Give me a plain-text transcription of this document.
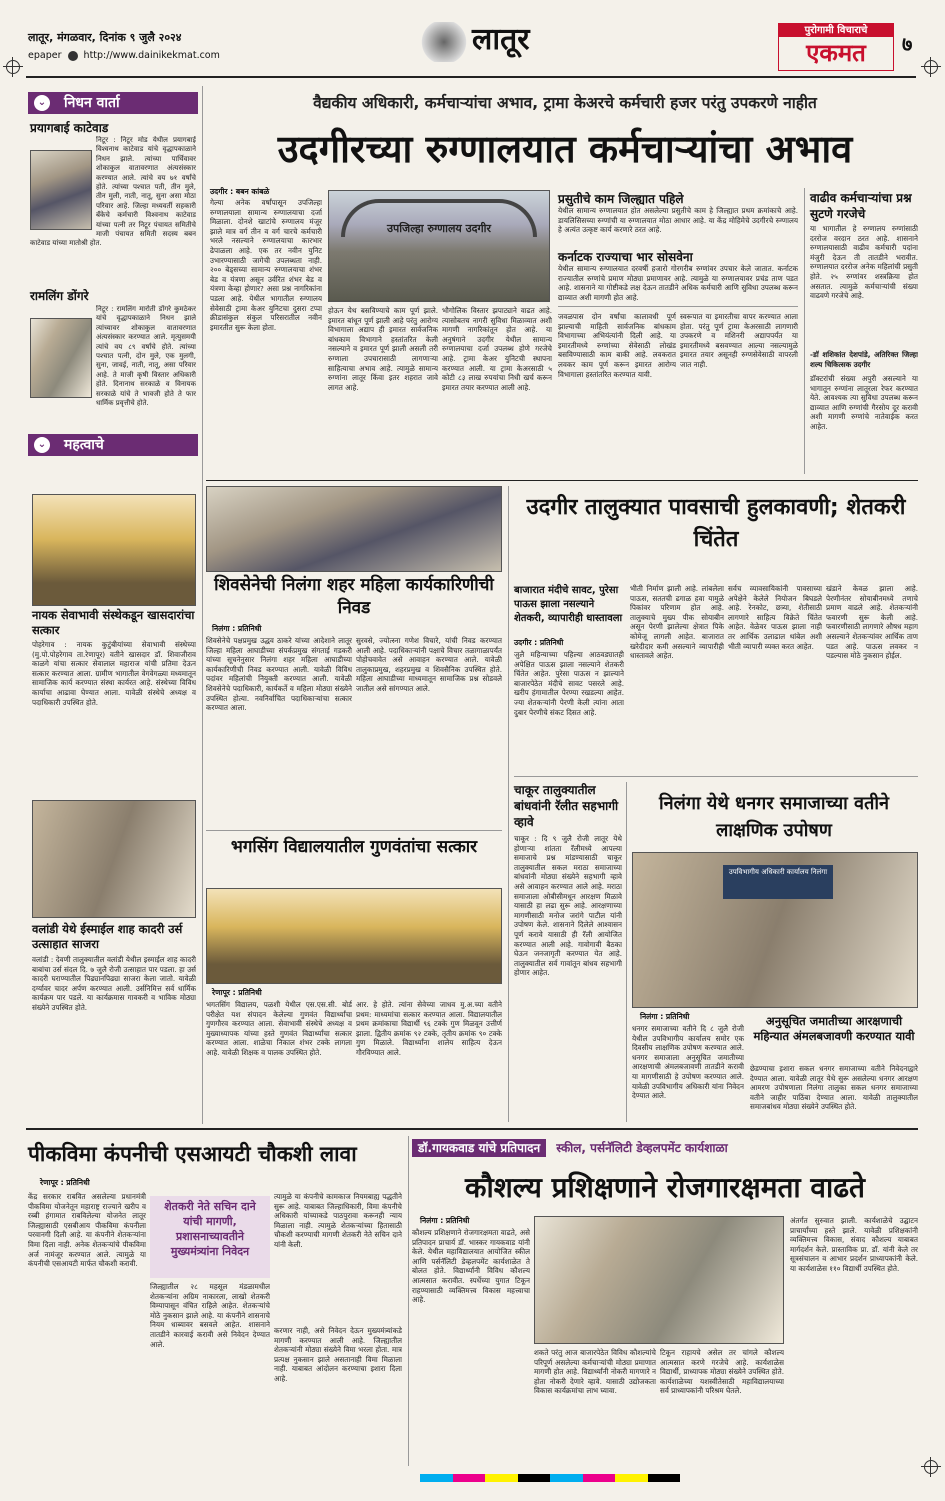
लातूर, मंगळवार, दिनांक ९ जुलै २०२४
epaper http://www.dainikekmat.com	लातूर	पुरोगामी विचाराचे
एकमत	७
⌄ निधन वार्ता
प्रयागबाई काटेवाड
निटूर : निटूर मोड येथील प्रयागबाई विश्वनाथ काटेवाड यांचे वृद्धापकाळाने निधन झाले. त्यांच्या पार्थिवावर शोकाकुल वातावरणात अंत्यसंस्कार करण्यात आले. त्यांचे वय ७१ वर्षांचे होते. त्यांच्या पश्चात पती, तीन मुले, तीन मुली, नाती, नातू, सुना असा मोठा परिवार आहे. जिल्हा मध्यवर्ती सहकारी बँकेचे कर्मचारी विश्वनाथ काटेवाड यांच्या पत्नी तर निटूर पंचायत समितीचे माजी पंचायत समिती सदस्य बबन काटेवाड यांच्या मातोश्री होत.
रामलिंग डोंगरे
निटूर : रामलिंग मारोती डोंगरे कुमठेकर यांचे वृद्धापकाळाने निधन झाले त्यांच्यावर शोकाकुल वातावरणात अंत्यसंस्कार करण्यात आले. मृत्युसमयी त्यांचे वय ८९ वर्षांचे होते. त्यांच्या पश्चात पत्नी, दोन मुले, एक मुलगी, सुना, जावई, नाती, नातू, असा परिवार आहे. ते माजी कृषी विस्तार अधिकारी होते. दिनानाथ सरकाळे व विनायक सरकाळे यांचे ते भावजी होते ते फार धार्मिक प्रवृत्तीचे होते.
⌄ महत्वाचे
नायक सेवाभावी संस्थेकडून खासदारांचा सत्कार
पोहरेगाव : नायक कुटुंबीयांच्या सेवाभावी संस्थेच्या (मु.पो.पोहरेगाव ता.रेणापूर) वतीने खासदार डॉ. शिवाजीराव काळगे यांचा सत्कार सेवालाल महाराज यांची प्रतिमा देऊन सत्कार करण्यात आला. ग्रामीण भागातील वेगवेगळ्या मध्यमातून सामाजिक कार्य करण्यात संस्था कार्यरत आहे. संस्थेच्या विविध कार्याचा आढावा घेण्यात आला. यावेळी संस्थेचे अध्यक्ष व पदाधिकारी उपस्थित होते.
वलांडी येथे ईस्माईल शाह कादरी उर्स उत्साहात साजरा
वलांडी : देवणी तालुक्यातील वलांडी येथील इस्माईल शाह कादरी बाबांचा उर्स संदल दि. ७ जुलै रोजी उत्साहात पार पडला. हा उर्स कादरी घराण्यातील पिढ्यानपिढ्या साजरा केला जातो. यावेळी दर्ग्यावर चादर अर्पण करण्यात आली. उर्सनिमित्त सर्व धार्मिक कार्यक्रम पार पडले. या कार्यक्रमास गावकरी व भाविक मोठ्या संख्येने उपस्थित होते.
वैद्यकीय अधिकारी, कर्मचाऱ्यांचा अभाव, ट्रामा केअरचे कर्मचारी हजर परंतु उपकरणे नाहीत
उदगीरच्या रुग्णालयात कर्मचाऱ्यांचा अभाव
उदगीर : बबन कांबळे
गेल्या अनेक वर्षांपासून उपजिल्हा रुग्णालयाला सामान्य रुग्णालयाचा दर्जा मिळाला. दोनशे खाटांचे रुग्णालय मंजूर झाले मात्र वर्ग तीन व वर्ग चारचे कर्मचारी भरले नसल्याने रुग्णालयाचा कारभार ढेपाळला आहे. एक तर नवीन युनिट उभारण्यासाठी जागेची उपलब्धता नाही. २०० बेड्सच्या सामान्य रुग्णालयाचा शंभर बेड व यंत्रणा असून उर्वरित शंभर बेड व यंत्रणा केव्हा होणार? असा प्रश्न नागरिकांना पडला आहे. येथील भागातील रुग्णालय सेवेसाठी ट्रामा केअर युनिटचा दुसरा टप्पा क्रीडासंकुल संकुल परिसरातील नवीन इमारतीत सुरू केला होता.
उपजिल्हा रुग्णालय उदगीर
होऊन येथ बसविण्याचे काम पूर्ण झाले. इमारत बांधून पूर्ण झाली आहे परंतु आरोग्य विभागाला अद्याप ही इमारत सार्वजनिक बांधकाम विभागाने हस्तांतरित केली नसल्याने व इमारत पूर्ण झाली असली तरी रुग्णाला उपचारासाठी लागणाऱ्या साहित्याचा अभाव आहे. त्यामुळे सामान्य रुग्णांना लातूर किंवा इतर शहरात जावे लागत आहे.
भौगोलिक विस्तार झपाट्याने वाढत आहे. त्यासोबतच नागरी सुविधा मिळाव्यात अशी मागणी नागरिकांतून होत आहे. या अनुषंगाने उदगीर येथील सामान्य रुग्णालयाचा दर्जा उपलब्ध होणे गरजेचे आहे. ट्रामा केअर युनिटची स्थापना करण्यात आली. या ट्रामा केअरसाठी ५ कोटी ८३ लाख रुपयांचा निधी खर्च करून इमारत तयार करण्यात आली आहे.
प्रसुतीचे काम जिल्ह्यात पहिले
येथील सामान्य रुग्णालयात होत असलेल्या प्रसुतीचे काम हे जिल्ह्यात प्रथम क्रमांकाचे आहे. डायलिसिसच्या रुग्णांची या रुग्णालयात मोठा आधार आहे. या केंद्र मोहिमेचे उदगीरचे रुग्णालय हे अत्यंत उत्कृष्ट कार्य करणारे ठरत आहे.
कर्नाटक राज्याचा भार सोसवेना
येथील सामान्य रुग्णालयात दरवर्षी हजारो गोरगरीब रुग्णांवर उपचार केले जातात. कर्नाटक राज्यातील रुग्णांचे प्रमाण मोठ्या प्रमाणावर आहे. त्यामुळे या रुग्णालयावर प्रचंड ताण पडत आहे. शासनाने या गोष्टीकडे लक्ष देऊन तातडीने अधिक कर्मचारी आणि सुविधा उपलब्ध करून द्याव्यात अशी मागणी होत आहे.
जवळपास दोन वर्षांचा कालावधी पूर्ण झाल्याची माहिती सार्वजनिक बांधकाम विभागाच्या अभियंत्यांनी दिली आहे. या इमारतीमध्ये रुग्णांच्या सेवेसाठी लोखंड बसविण्यासाठी काम बाकी आहे. लवकरात लवकर काम पूर्ण करून इमारत आरोग्य विभागाला हस्तांतरित करण्यात यावी.
स्वरूपात या इमारतीचा वापर करण्यात आला होता. परंतु पूर्ण ट्रामा केअरसाठी लागणारी उपकरणे व मशिनरी अद्यापपर्यंत या इमारतीमध्ये बसवण्यात आल्या नसल्यामुळे इमारत तयार असूनही रुग्णसेवेसाठी वापरली जात नाही.
वाढीव कर्मचाऱ्यांचा प्रश्न सुटणे गरजेचे
या भागातील हे रुग्णालय रुग्णांसाठी दररोज वरदान ठरत आहे. शासनाने रुग्णालयासाठी वाढीव कर्मचारी पदांना मंजुरी देऊन ती तातडीने भरावीत. रुग्णालयात दररोज अनेक महिलांची प्रसुती होते. २५ रुग्णांवर शस्त्रक्रिया होत असतात. त्यामुळे कर्मचाऱ्यांची संख्या वाढवणे गरजेचे आहे.
-डॉ शशिकांत देशपांडे, अतिरिक्त जिल्हा शल्य चिकित्सक उदगीर
डॉक्टरांची संख्या अपुरी असल्याने या भागातून रुग्णांना लातूरला रेफर करण्यात येते. आवश्यक त्या सुविधा उपलब्ध करून द्याव्यात आणि रुग्णांची गैरसोय दूर करावी अशी मागणी रुग्णांचे नातेवाईक करत आहेत.
शिवसेनेची निलंगा शहर महिला कार्यकारिणीची निवड
निलंगा : प्रतिनिधी
शिवसेनेचे पक्षप्रमुख उद्धव ठाकरे यांच्या आदेशाने लातूर जिल्हा महिला आघाडीच्या संपर्कप्रमुख संगताई गडकरी यांच्या सूचनेनुसार निलंगा शहर महिला आघाडीच्या कार्यकारिणीची निवड करण्यात आली. यावेळी विविध पदांवर महिलांची नियुक्ती करण्यात आली. यावेळी शिवसेनेचे पदाधिकारी, कार्यकर्ते व महिला मोठ्या संख्येने उपस्थित होत्या. नवनिर्वाचित पदाधिकाऱ्यांचा सत्कार करण्यात आला.
सुरवसे, ज्योत्स्ना गणेश विचारे, यांची निवड करण्यात आली आहे. पदाधिकाऱ्यांनी पक्षाचे विचार तळागाळापर्यंत पोहोचवावेत असे आवाहन करण्यात आले. यावेळी तालुकाप्रमुख, शहरप्रमुख व शिवसैनिक उपस्थित होते. महिला आघाडीच्या माध्यमातून सामाजिक प्रश्न सोडवले जातील असे सांगण्यात आले.
उदगीर तालुक्यात पावसाची हुलकावणी; शेतकरी चिंतेत
बाजारात मंदीचे सावट, पुरेसा पाऊस झाला नसल्याने शेतकरी, व्यापारीही धास्तावला
उदगीर : प्रतिनिधी
जुलै महिन्याच्या पहिल्या आठवड्यातही अपेक्षित पाऊस झाला नसल्याने शेतकरी चिंतेत आहेत. पुरेसा पाऊस न झाल्याने बाजारपेठेत मंदीचे सावट पसरले आहे. खरीप हंगामातील पेरण्या रखडल्या आहेत. ज्या शेतकऱ्यांनी पेरणी केली त्यांना आता दुबार पेरणीचे संकट दिसत आहे.
भीती निर्माण झाली आहे. लांबलेला पाऊस, सततची ढगाळ हवा यामुळे पिकांवर परिणाम होत आहे. तालुक्याचे मुख्य पीक सोयाबीन असून पेरणी झालेल्या क्षेत्रात पिके कोमेजू लागली आहेत. बाजारात खरेदीदार कमी असल्याने व्यापारीही धास्तावले आहेत.
सर्वच व्यावसायिकांनी पावसाच्या अपेक्षेने केलेले नियोजन बिघडले आहे. रेनकोट, छत्र्या, शेतीसाठी लागणारे साहित्य विक्रेते चिंतेत आहेत. वेळेवर पाऊस झाला नाही तर आर्थिक उलाढाल थांबेल अशी भीती व्यापारी व्यक्त करत आहेत.
खंडाने केवळ झाला आहे. पेरणीनंतर सोयाबीनमध्ये तणाचे प्रमाण वाढले आहे. शेतकऱ्यांनी फवारणी सुरू केली आहे. फवारणीसाठी लागणारे औषध महाग असल्याने शेतकऱ्यांवर आर्थिक ताण पडत आहे. पाऊस लवकर न पडल्यास मोठे नुकसान होईल.
चाकूर तालुक्यातील बांधवांनी रॅलीत सहभागी व्हावे
चाकूर : दि ९ जुलै रोजी लातूर येथे होणाऱ्या शांतता रॅलीमध्ये आपल्या समाजाचे प्रश्न मांडण्यासाठी चाकूर तालुक्यातील सकल मराठा समाजाच्या बांधवांनी मोठ्या संख्येने सहभागी व्हावे असे आवाहन करण्यात आले आहे. मराठा समाजाला ओबीसीमधून आरक्षण मिळावे यासाठी हा लढा सुरू आहे. आरक्षणाच्या मागणीसाठी मनोज जरांगे पाटील यांनी उपोषण केले. शासनाने दिलेले आश्वासन पूर्ण करावे यासाठी ही रॅली आयोजित करण्यात आली आहे. गावोगावी बैठका घेऊन जनजागृती करण्यात येत आहे. तालुक्यातील सर्व गावांतून बांधव सहभागी होणार आहेत.
निलंगा येथे धनगर समाजाच्या वतीने लाक्षणिक उपोषण
उपविभागीय अधिकारी कार्यालय निलंगा
निलंगा : प्रतिनिधी
धनगर समाजाच्या वतीने दि ८ जुलै रोजी येथील उपविभागीय कार्यालय समोर एक दिवसीय लाक्षणिक उपोषण करण्यात आले. धनगर समाजाला अनुसूचित जमातीच्या आरक्षणाची अंमलबजावणी तातडीने करावी या मागणीसाठी हे उपोषण करण्यात आले. यावेळी उपविभागीय अधिकारी यांना निवेदन देण्यात आले.
अनुसूचित जमातीच्या आरक्षणाची महिन्यात अंमलबजावणी करण्यात यावी
छेडण्याचा इशारा सकल धनगर समाजाच्या वतीने निवेदनाद्वारे देण्यात आला. यावेळी लातूर येथे सुरू असलेल्या धनगर आरक्षण आमरण उपोषणाला निलंगा तालुका सकल धनगर समाजाच्या वतीने जाहीर पाठिंबा देण्यात आला. यावेळी तालुक्यातील समाजबांधव मोठ्या संख्येने उपस्थित होते.
भगसिंग विद्यालयातील गुणवंतांचा सत्कार
रेणापूर : प्रतिनिधी
भगतसिंग विद्यालय, पळशी येथील एस.एस.सी. बोर्ड परीक्षेत यश संपादन केलेल्या गुणवंत विद्यार्थ्यांचा गुणगौरव करण्यात आला. सेवाभावी संस्थेचे अध्यक्ष व मुख्याध्यापक यांच्या हस्ते गुणवंत विद्यार्थ्यांचा सत्कार करण्यात आला. शाळेचा निकाल शंभर टक्के लागला आहे. यावेळी शिक्षक व पालक उपस्थित होते.
आर. हे होते. त्यांना सेवेच्या जाधव मु.अ.च्या वतीने प्रथम: माध्यमांचा सत्कार करण्यात आला. विद्यालयातील प्रथम क्रमांकाचा विद्यार्थी ९६ टक्के गुण मिळवून उत्तीर्ण झाला. द्वितीय क्रमांक ९२ टक्के, तृतीय क्रमांक ९० टक्के गुण मिळाले. विद्यार्थ्यांना शालेय साहित्य देऊन गौरविण्यात आले.
पीकविमा कंपनीची एसआयटी चौकशी लावा
रेणापूर : प्रतिनिधी
केंद्र सरकार राबवित असलेल्या प्रधानमंत्री पीकविमा योजनेतून महाराष्ट्र राज्याने खरीप व रब्बी हंगामात राबविलेल्या योजनेत लातूर जिल्ह्यासाठी एसबीआय पीकविमा कंपनीला परवानगी दिली आहे. या कंपनीने शेतकऱ्यांना विमा दिला नाही. अनेक शेतकऱ्यांचे पीकविमा अर्ज नामंजूर करण्यात आले. त्यामुळे या कंपनीची एसआयटी मार्फत चौकशी करावी.
शेतकरी नेते सचिन दाने यांची मागणी, प्रशासनाच्यावतीने मुख्यमंत्र्यांना निवेदन
जिल्ह्यातील २८ महसूल मंडळामधील शेतकऱ्यांना अग्रिम नाकारला, लाखो शेतकरी विम्यापासून वंचित राहिले आहेत. शेतकऱ्यांचे मोठे नुकसान झाले आहे. या कंपनीने शासनाचे नियम धाब्यावर बसवले आहेत. शासनाने तातडीने कारवाई करावी असे निवेदन देण्यात आले.
त्यामुळे या कंपनीचे कामकाज नियमबाह्य पद्धतीने सुरू आहे. याबाबत जिल्हाधिकारी, विमा कंपनीचे अधिकारी यांच्याकडे पाठपुरावा करूनही न्याय मिळाला नाही. त्यामुळे शेतकऱ्यांच्या हितासाठी चौकशी करण्याची मागणी शेतकरी नेते सचिन दाने यांनी केली.
करणार नाही, असे निवेदन देऊन मुख्यमंत्र्यांकडे मागणी करण्यात आली आहे. जिल्ह्यातील शेतकऱ्यांनी मोठ्या संख्येने विमा भरला होता. मात्र प्रत्यक्ष नुकसान झाले असतानाही विमा मिळाला नाही. याबाबत आंदोलन करण्याचा इशारा दिला आहे.
डॉ.गायकवाड यांचे प्रतिपादन स्कील, पर्सनॅलिटी डेव्हलपमेंट कार्यशाळा
कौशल्य प्रशिक्षणाने रोजगारक्षमता वाढते
निलंगा : प्रतिनिधी
कौशल्य प्रशिक्षणाने रोजगारक्षमता वाढते, असे प्रतिपादन प्राचार्य डॉ. भास्कर गायकवाड यांनी केले. येथील महाविद्यालयात आयोजित स्कील आणि पर्सनॅलिटी डेव्हलपमेंट कार्यशाळेत ते बोलत होते. विद्यार्थ्यांनी विविध कौशल्य आत्मसात करावीत. स्पर्धेच्या युगात टिकून राहण्यासाठी व्यक्तिमत्त्व विकास महत्त्वाचा आहे.
शकते परंतु आज बाजारपेठेत विविध कौशल्यांचे परिपूर्ण असलेल्या कर्मचाऱ्यांची मोठ्या प्रमाणात मागणी होत आहे. विद्यार्थ्यांनी नोकरी मागणारे न होता नोकरी देणारे व्हावे. यासाठी उद्योजकता विकास कार्यक्रमांचा लाभ घ्यावा.
टिकून राहायचे असेल तर चांगले कौशल्य आत्मसात करणे गरजेचे आहे. कार्यशाळेस विद्यार्थी, प्राध्यापक मोठ्या संख्येने उपस्थित होते. कार्यशाळेच्या यशस्वीतेसाठी महाविद्यालयाच्या सर्व प्राध्यापकांनी परिश्रम घेतले.
अंतर्गत सुरुवात झाली. कार्यशाळेचे उद्घाटन प्राचार्यांच्या हस्ते झाले. यावेळी प्रशिक्षकांनी व्यक्तिमत्त्व विकास, संवाद कौशल्य याबाबत मार्गदर्शन केले. प्रास्ताविक प्रा. डॉ. यांनी केले तर सूत्रसंचालन व आभार प्रदर्शन प्राध्यापकांनी केले. या कार्यशाळेस ११० विद्यार्थी उपस्थित होते.
